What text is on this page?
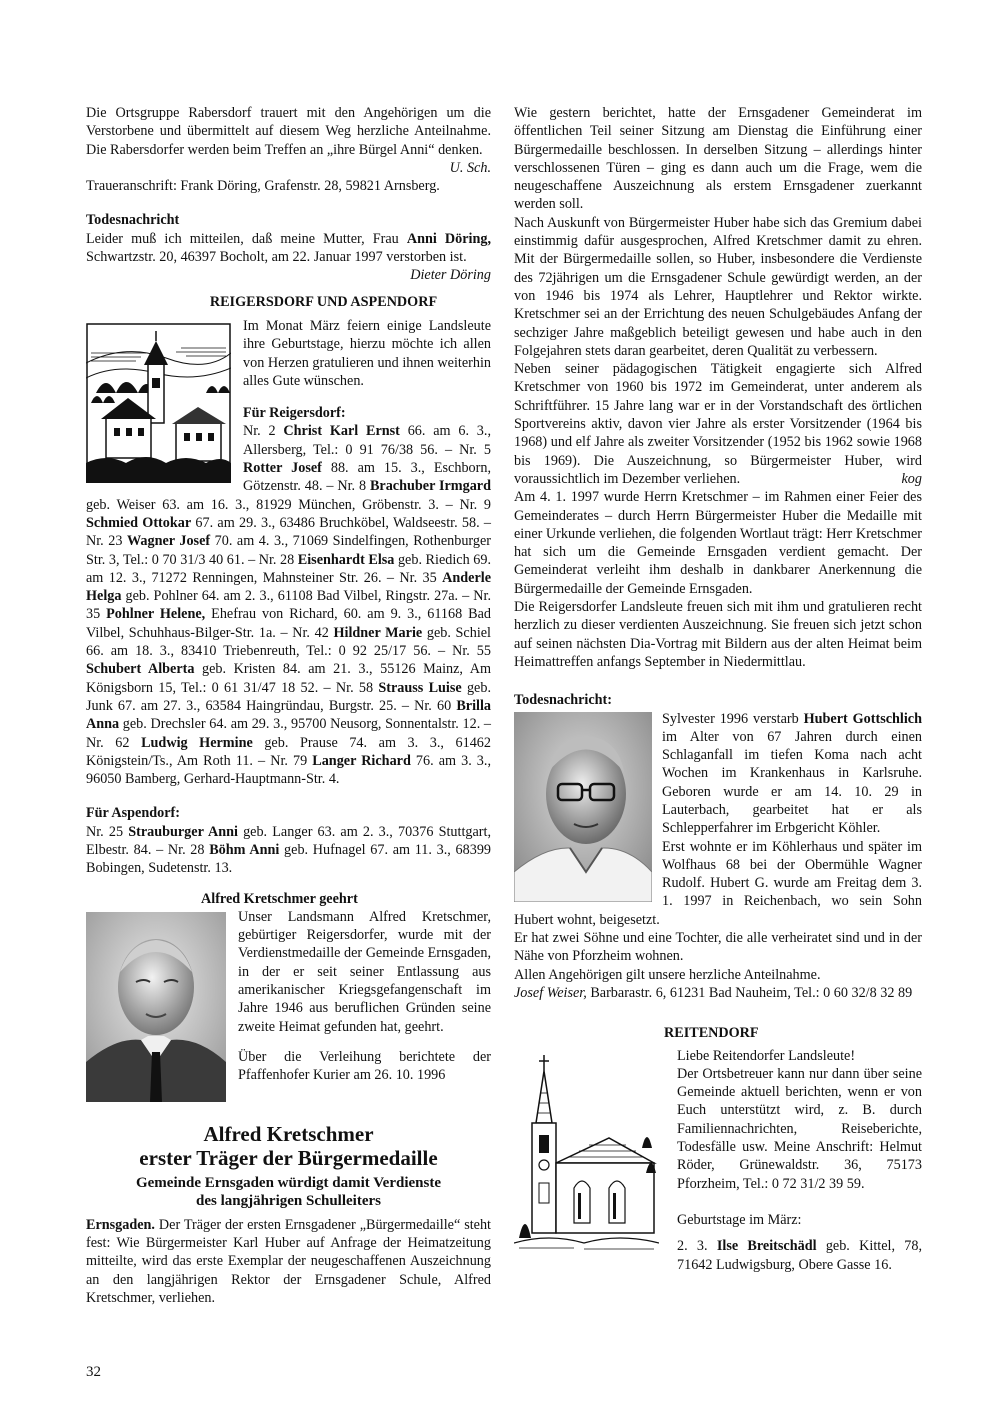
Die Ortsgruppe Rabersdorf trauert mit den Angehörigen um die Verstorbene und übermittelt auf diesem Weg herzliche Anteilnahme. Die Rabersdorfer werden beim Treffen an „ihre Bürgel Anni“ denken.
U. Sch.

Traueranschrift: Frank Döring, Grafenstr. 28, 59821 Arnsberg.

Todesnachricht

Leider muß ich mitteilen, daß meine Mutter, Frau Anni Döring, Schwartzstr. 20, 46397 Bocholt, am 22. Januar 1997 verstorben ist.
Dieter Döring

REIGERSDORF UND ASPENDORF

Im Monat März feiern einige Landsleute ihre Geburtstage, hierzu möchte ich allen von Herzen gratulieren und ihnen weiterhin alles Gute wünschen.

Für Reigersdorf:

Nr. 2 Christ Karl Ernst 66. am 6. 3., Allersberg, Tel.: 0 91 76/38 56. – Nr. 5 Rotter Josef 88. am 15. 3., Eschborn, Götzenstr. 48. – Nr. 8 Brachuber Irmgard geb. Weiser 63. am 16. 3., 81929 München, Gröbenstr. 3. – Nr. 9 Schmied Ottokar 67. am 29. 3., 63486 Bruchköbel, Waldseestr. 58. –Nr. 23 Wagner Josef 70. am 4. 3., 71069 Sindelfingen, Rothenburger Str. 3, Tel.: 0 70 31/3 40 61. – Nr. 28 Eisenhardt Elsa geb. Riedich 69. am 12. 3., 71272 Renningen, Mahnsteiner Str. 26. – Nr. 35 Anderle Helga geb. Pohlner 64. am 2. 3., 61108 Bad Vilbel, Ringstr. 27a. – Nr. 35 Pohlner Helene, Ehefrau von Richard, 60. am 9. 3., 61168 Bad Vilbel, Schuhhaus-Bilger-Str. 1a. – Nr. 42 Hildner Marie geb. Schiel 66. am 18. 3., 83410 Triebenreuth, Tel.: 0 92 25/17 56. – Nr. 55 Schubert Alberta geb. Kristen 84. am 21. 3., 55126 Mainz, Am Königsborn 15, Tel.: 0 61 31/47 18 52. – Nr. 58 Strauss Luise geb. Junk 67. am 27. 3., 63584 Haingründau, Burgstr. 25. – Nr. 60 Brilla Anna geb. Drechsler 64. am 29. 3., 95700 Neusorg, Sonnentalstr. 12. – Nr. 62 Ludwig Hermine geb. Prause 74. am 3. 3., 61462 Königstein/Ts., Am Roth 11. – Nr. 79 Langer Richard 76. am 3. 3., 96050 Bamberg, Gerhard-Hauptmann-Str. 4.

Für Aspendorf:

Nr. 25 Strauburger Anni geb. Langer 63. am 2. 3., 70376 Stuttgart, Elbestr. 84. – Nr. 28 Böhm Anni geb. Hufnagel 67. am 11. 3., 68399 Bobingen, Sudetenstr. 13.

Alfred Kretschmer geehrt

Unser Landsmann Alfred Kretschmer, gebürtiger Reigersdorfer, wurde mit der Verdienstmedaille der Gemeinde Ernsgaden, in der er seit seiner Entlassung aus amerikanischer Kriegsgefangenschaft im Jahre 1946 aus beruflichen Gründen seine zweite Heimat gefunden hat, geehrt.

Über die Verleihung berichtete der Pfaffenhofer Kurier am 26. 10. 1996

Alfred Kretschmer

erster Träger der Bürgermedaille

Gemeinde Ernsgaden würdigt damit Verdienste

des langjährigen Schulleiters

Ernsgaden. Der Träger der ersten Ernsgadener „Bürgermedaille“ steht fest: Wie Bürgermeister Karl Huber auf Anfrage der Heimatzeitung mitteilte, wird das erste Exemplar der neugeschaffenen Auszeichnung an den langjährigen Rektor der Ernsgadener Schule, Alfred Kretschmer, verliehen.

Wie gestern berichtet, hatte der Ernsgadener Gemeinderat im öffentlichen Teil seiner Sitzung am Dienstag die Einführung einer Bürgermedaille beschlossen. In derselben Sitzung – allerdings hinter verschlossenen Türen – ging es dann auch um die Frage, wem die neugeschaffene Auszeichnung als erstem Ernsgadener zuerkannt werden soll.

Nach Auskunft von Bürgermeister Huber habe sich das Gremium dabei einstimmig dafür ausgesprochen, Alfred Kretschmer damit zu ehren. Mit der Bürgermedaille sollen, so Huber, insbesondere die Verdienste des 72jährigen um die Ernsgadener Schule gewürdigt werden, an der von 1946 bis 1974 als Lehrer, Hauptlehrer und Rektor wirkte. Kretschmer sei an der Errichtung des neuen Schulgebäudes Anfang der sechziger Jahre maßgeblich beteiligt gewesen und habe auch in den Folgejahren stets daran gearbeitet, deren Qualität zu verbessern.

Neben seiner pädagogischen Tätigkeit engagierte sich Alfred Kretschmer von 1960 bis 1972 im Gemeinderat, unter anderem als Schriftführer. 15 Jahre lang war er in der Vorstandschaft des örtlichen Sportvereins aktiv, davon vier Jahre als erster Vorsitzender (1964 bis 1968) und elf Jahre als zweiter Vorsitzender (1952 bis 1962 sowie 1968 bis 1969). Die Auszeichnung, so Bürgermeister Huber, wird voraussichtlich im Dezember verliehen.	kog

Am 4. 1. 1997 wurde Herrn Kretschmer – im Rahmen einer Feier des Gemeinderates – durch Herrn Bürgermeister Huber die Medaille mit einer Urkunde verliehen, die folgenden Wortlaut trägt: Herr Kretschmer hat sich um die Gemeinde Ernsgaden verdient gemacht. Der Gemeinderat verleiht ihm deshalb in dankbarer Anerkennung die Bürgermedaille der Gemeinde Ernsgaden.

Die Reigersdorfer Landsleute freuen sich mit ihm und gratulieren recht herzlich zu dieser verdienten Auszeichnung. Sie freuen sich jetzt schon auf seinen nächsten Dia-Vortrag mit Bildern aus der alten Heimat beim Heimattreffen anfangs September in Niedermittlau.

Todesnachricht:

Sylvester 1996 verstarb Hubert Gottschlich im Alter von 67 Jahren durch einen Schlaganfall im tiefen Koma nach acht Wochen im Krankenhaus in Karlsruhe. Geboren wurde er am 14. 10. 29 in Lauterbach, gearbeitet hat er als Schlepperfahrer im Erbgericht Köhler.

Erst wohnte er im Köhlerhaus und später im Wolfhaus 68 bei der Obermühle Wagner Rudolf. Hubert G. wurde am Freitag dem 3. 1. 1997 in Reichenbach, wo sein Sohn Hubert wohnt, beigesetzt.

Er hat zwei Söhne und eine Tochter, die alle verheiratet sind und in der Nähe von Pforzheim wohnen.

Allen Angehörigen gilt unsere herzliche Anteilnahme.

Josef Weiser, Barbarastr. 6, 61231 Bad Nauheim, Tel.: 0 60 32/8 32 89

REITENDORF

Liebe Reitendorfer Landsleute!

Der Ortsbetreuer kann nur dann über seine Gemeinde aktuell berichten, wenn er von Euch unterstützt wird, z. B. durch Familiennachrichten, Reiseberichte, Todesfälle usw. Meine Anschrift: Helmut Röder, Grünewaldstr. 36, 75173 Pforzheim, Tel.: 0 72 31/2 39 59.

Geburtstage im März:

2. 3. Ilse Breitschädl geb. Kittel, 78, 71642 Ludwigsburg, Obere Gasse 16.

32
